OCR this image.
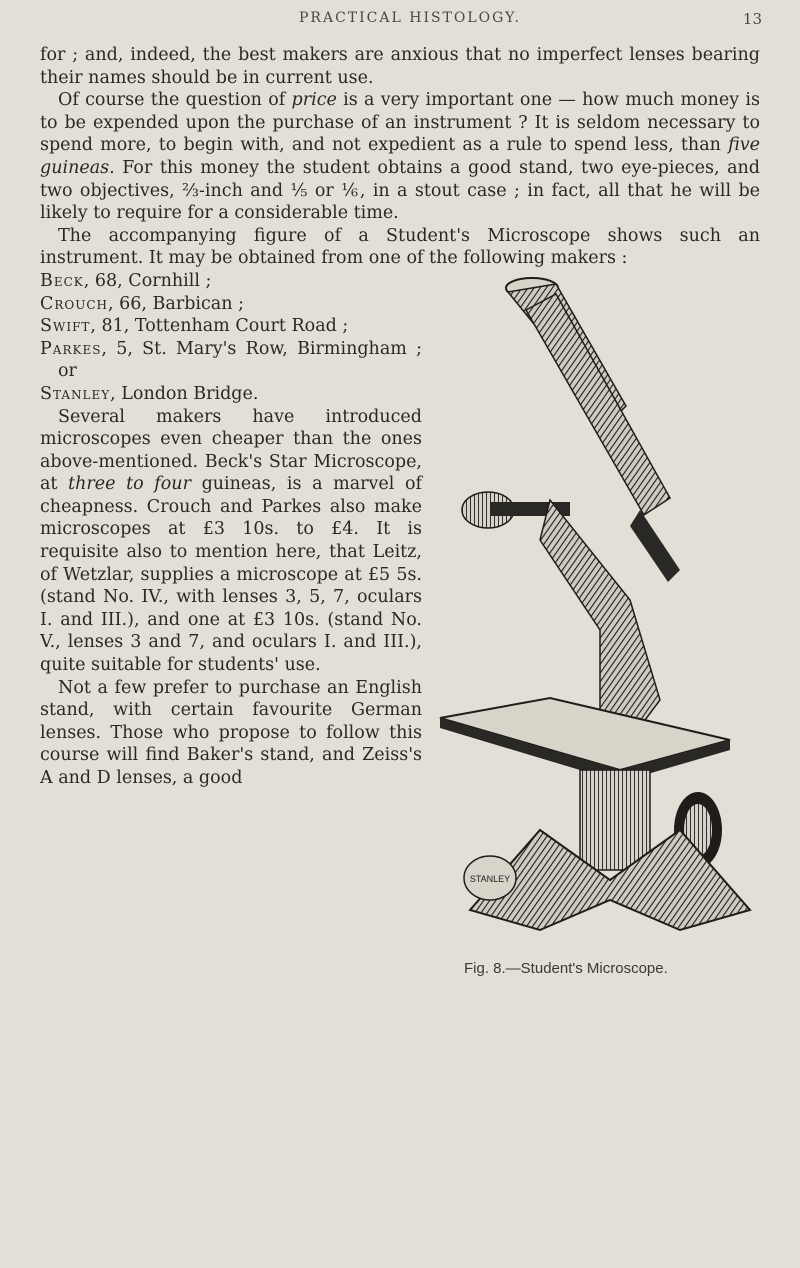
PRACTICAL HISTOLOGY.	13

for ; and, indeed, the best makers are anxious that no imperfect lenses bearing their names should be in current use.

Of course the question of price is a very important one — how much money is to be expended upon the purchase of an instrument ? It is seldom necessary to spend more, to begin with, and not expedient as a rule to spend less, than five guineas. For this money the student obtains a good stand, two eye-pieces, and two objectives, ⅔-inch and ⅕ or ⅙, in a stout case ; in fact, all that he will be likely to require for a considerable time.

The accompanying figure of a Student's Microscope shows such an instrument. It may be obtained from one of the following makers :

STANLEY
Fig. 8.—Student's Microscope.
Beck, 68, Cornhill ;
Crouch, 66, Barbican ;
Swift, 81, Tottenham Court Road ;
Parkes, 5, St. Mary's Row, Birmingham ; or
Stanley, London Bridge.

Several makers have introduced microscopes even cheaper than the ones above-mentioned. Beck's Star Microscope, at three to four guineas, is a marvel of cheapness. Crouch and Parkes also make microscopes at £3 10s. to £4. It is requisite also to mention here, that Leitz, of Wetzlar, supplies a microscope at £5 5s. (stand No. IV., with lenses 3, 5, 7, oculars I. and III.), and one at £3 10s. (stand No. V., lenses 3 and 7, and oculars I. and III.), quite suitable for students' use.

Not a few prefer to purchase an English stand, with certain favourite German lenses. Those who propose to follow this course will find Baker's stand, and Zeiss's A and D lenses, a good
